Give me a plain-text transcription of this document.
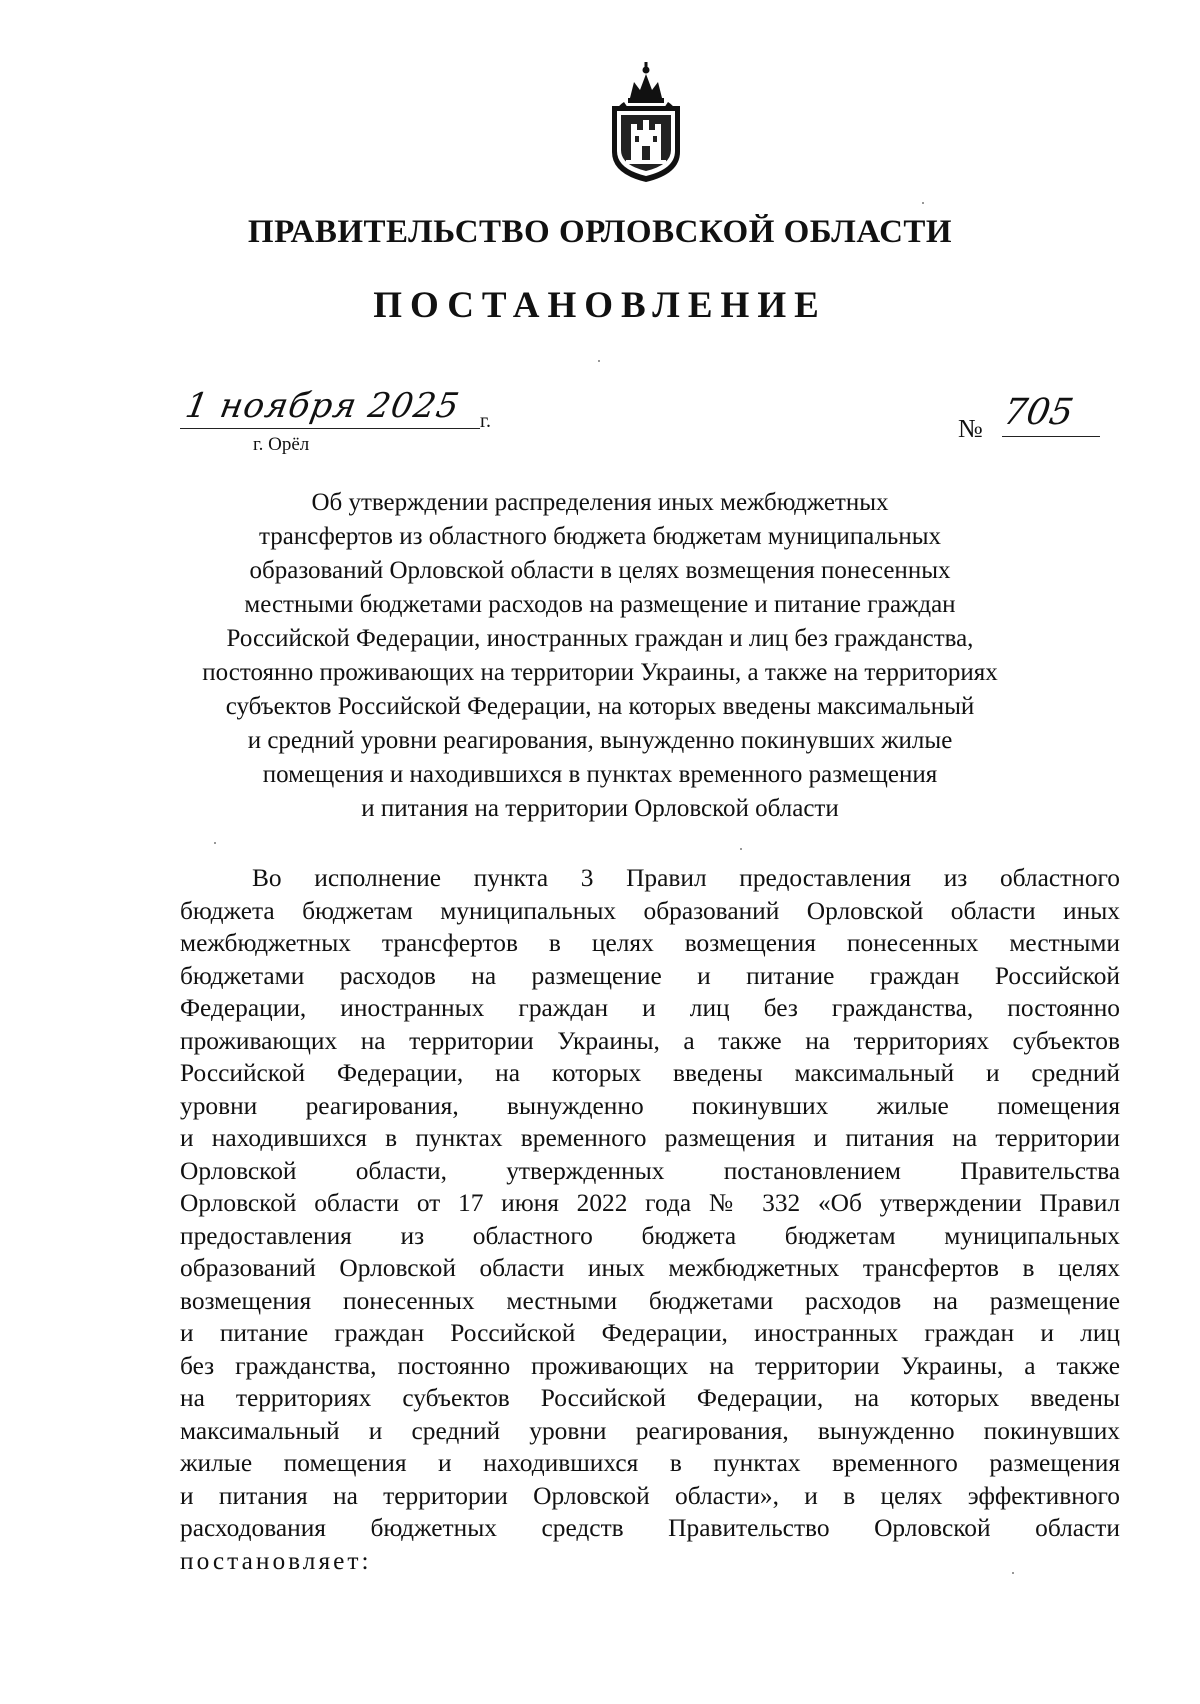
ПРАВИТЕЛЬСТВО ОРЛОВСКОЙ ОБЛАСТИ
ПОСТАНОВЛЕНИЕ
1 ноября 2025 г.
г. Орёл
№ 705
Об утверждении распределения иных межбюджетных
трансфертов из областного бюджета бюджетам муниципальных
образований Орловской области в целях возмещения понесенных
местными бюджетами расходов на размещение и питание граждан
Российской Федерации, иностранных граждан и лиц без гражданства,
постоянно проживающих на территории Украины, а также на территориях
субъектов Российской Федерации, на которых введены максимальный
и средний уровни реагирования, вынужденно покинувших жилые
помещения и находившихся в пунктах временного размещения
и питания на территории Орловской области
Во исполнение пункта 3 Правил предоставления из областного
бюджета бюджетам муниципальных образований Орловской области иных
межбюджетных трансфертов в целях возмещения понесенных местными
бюджетами расходов на размещение и питание граждан Российской
Федерации, иностранных граждан и лиц без гражданства, постоянно
проживающих на территории Украины, а также на территориях субъектов
Российской Федерации, на которых введены максимальный и средний
уровни реагирования, вынужденно покинувших жилые помещения
и находившихся в пунктах временного размещения и питания на территории
Орловской области, утвержденных постановлением Правительства
Орловской области от 17 июня 2022 года № 332 «Об утверждении Правил
предоставления из областного бюджета бюджетам муниципальных
образований Орловской области иных межбюджетных трансфертов в целях
возмещения понесенных местными бюджетами расходов на размещение
и питание граждан Российской Федерации, иностранных граждан и лиц
без гражданства, постоянно проживающих на территории Украины, а также
на территориях субъектов Российской Федерации, на которых введены
максимальный и средний уровни реагирования, вынужденно покинувших
жилые помещения и находившихся в пунктах временного размещения
и питания на территории Орловской области», и в целях эффективного
расходования бюджетных средств Правительство Орловской области
постановляет:
